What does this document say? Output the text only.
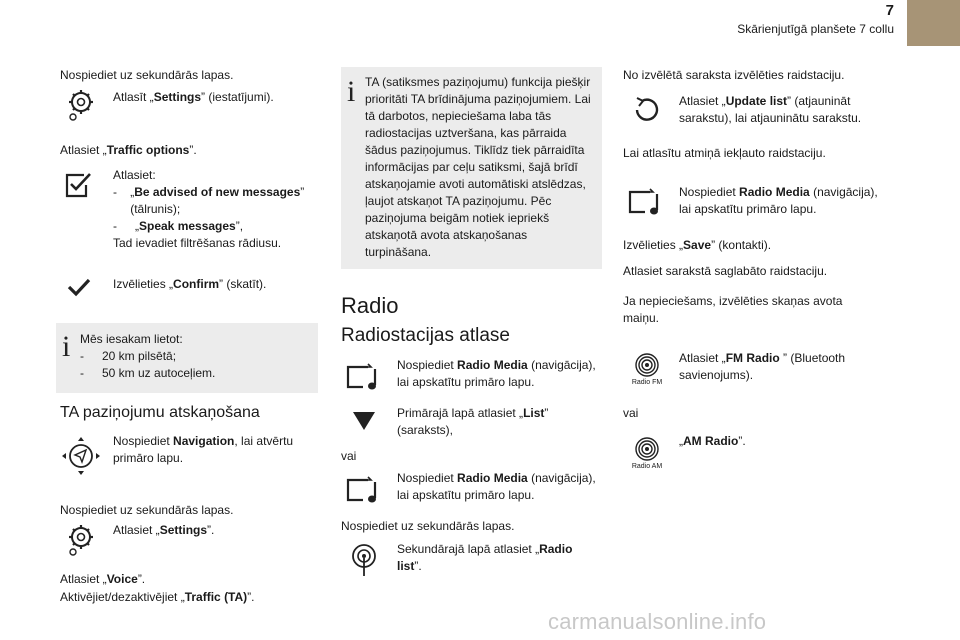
7
Skārienjutīgā planšete 7 collu
Nospiediet uz sekundārās lapas.
Atlasīt „Settings” (iestatījumi).
Atlasiet „Traffic options”.
Atlasiet:
-	„Be advised of new messages” (tālrunis);
-	„Speak messages”,
Tad ievadiet filtrēšanas rādiusu.
Izvēlieties „Confirm” (skatīt).
i Mēs iesakam lietot:
-	20 km pilsētā;
-	50 km uz autoceļiem.
TA paziņojumu atskaņošana
Nospiediet Navigation, lai atvērtu primāro lapu.
Nospiediet uz sekundārās lapas.
Atlasiet „Settings”.
Atlasiet „Voice”.
Aktivējiet/dezaktivējiet „Traffic (TA)”.
i TA (satiksmes paziņojumu) funkcija piešķir prioritāti TA brīdinājuma paziņojumiem. Lai tā darbotos, nepieciešama laba tās radiostacijas uztveršana, kas pārraida šādus paziņojumus. Tiklīdz tiek pārraidīta informācijas par ceļu satiksmi, šajā brīdī atskaņojamie avoti automātiski atslēdzas, ļaujot atskaņot TA paziņojumu. Pēc paziņojuma beigām notiek iepriekš atskaņotā avota atskaņošanas turpināšana.
Radio
Radiostacijas atlase
Nospiediet Radio Media (navigācija), lai apskatītu primāro lapu.
Primārajā lapā atlasiet „List” (saraksts),
vai
Nospiediet Radio Media (navigācija), lai apskatītu primāro lapu.
Nospiediet uz sekundārās lapas.
Sekundārajā lapā atlasiet „Radio list”.
No izvēlētā saraksta izvēlēties raidstaciju.
Atlasiet „Update list” (atjaunināt sarakstu), lai atjauninātu sarakstu.
Lai atlasītu atmiņā iekļauto raidstaciju.
Nospiediet Radio Media (navigācija), lai apskatītu primāro lapu.
Izvēlieties „Save” (kontakti).
Atlasiet sarakstā saglabāto raidstaciju.
Ja nepieciešams, izvēlēties skaņas avota maiņu.
Radio FM
Atlasiet „FM Radio ” (Bluetooth savienojums).
vai
Radio AM
„AM Radio”.
carmanualsonline.info
